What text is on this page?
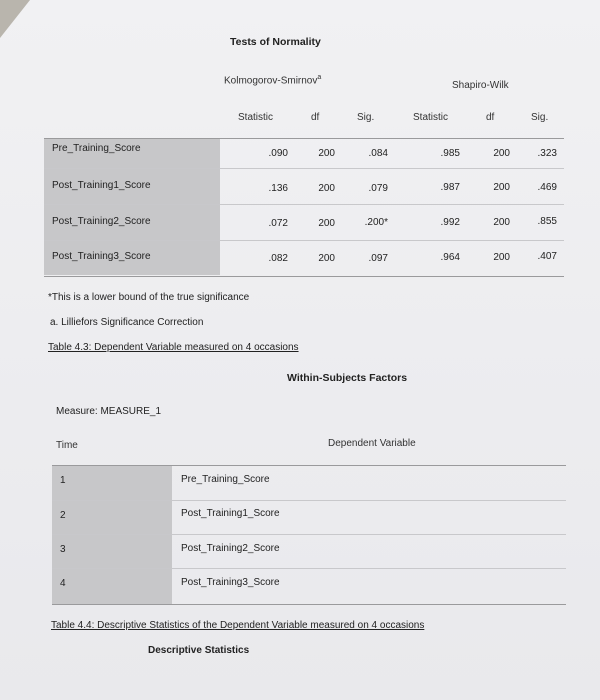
Tests of Normality
Kolmogorov-Smirnov$^a$
Shapiro-Wilk
Statistic	df	Sig.	Statistic	df	Sig.
Pre_Training_Score	.090	200	.084	.985	200	.323
Post_Training1_Score	.136	200	.079	.987	200	.469
Post_Training2_Score	.072	200	.200*	.992	200	.855
Post_Training3_Score	.082	200	.097	.964	200	.407
*This is a lower bound of the true significance
a. Lilliefors Significance Correction
Table 4.3: Dependent Variable measured on 4 occasions
Within-Subjects Factors
Measure: MEASURE_1
Time	Dependent Variable
1	Pre_Training_Score
2	Post_Training1_Score
3	Post_Training2_Score
4	Post_Training3_Score
Table 4.4: Descriptive Statistics of the Dependent Variable measured on 4 occasions
Descriptive Statistics
